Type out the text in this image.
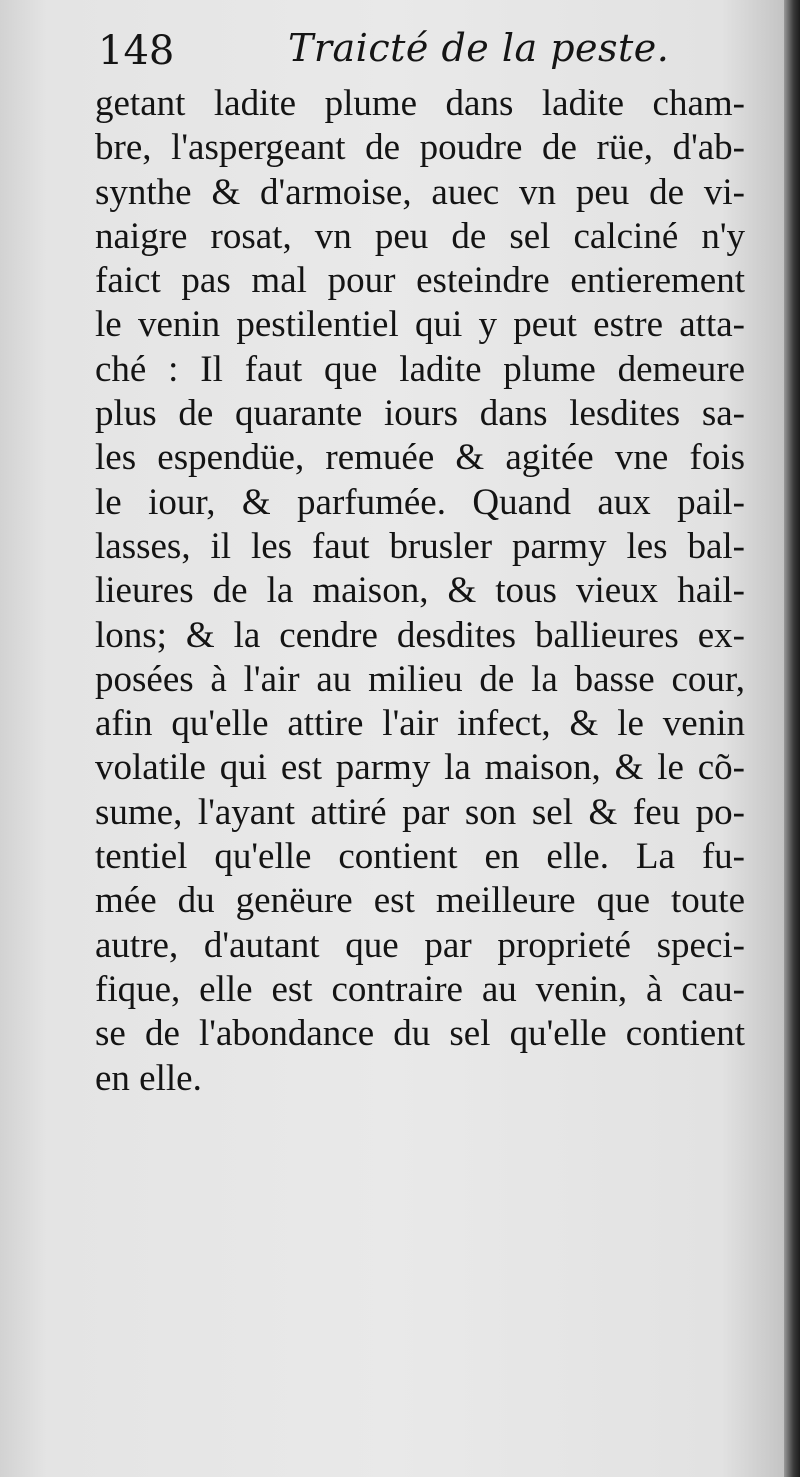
148	Traicté de la peste.
getant ladite plume dans ladite cham-
bre, l'aspergeant de poudre de rüe, d'ab-
synthe & d'armoise, auec vn peu de vi-
naigre rosat, vn peu de sel calciné n'y
faict pas mal pour esteindre entierement
le venin pestilentiel qui y peut estre atta-
ché : Il faut que ladite plume demeure
plus de quarante iours dans lesdites sa-
les espendüe, remuée & agitée vne fois
le iour, & parfumée. Quand aux pail-
lasses, il les faut brusler parmy les bal-
lieures de la maison, & tous vieux hail-
lons; & la cendre desdites ballieures ex-
posées à l'air au milieu de la basse cour,
afin qu'elle attire l'air infect, & le venin
volatile qui est parmy la maison, & le cõ-
sume, l'ayant attiré par son sel & feu po-
tentiel qu'elle contient en elle. La fu-
mée du genëure est meilleure que toute
autre, d'autant que par proprieté speci-
fique, elle est contraire au venin, à cau-
se de l'abondance du sel qu'elle contient
en elle.
